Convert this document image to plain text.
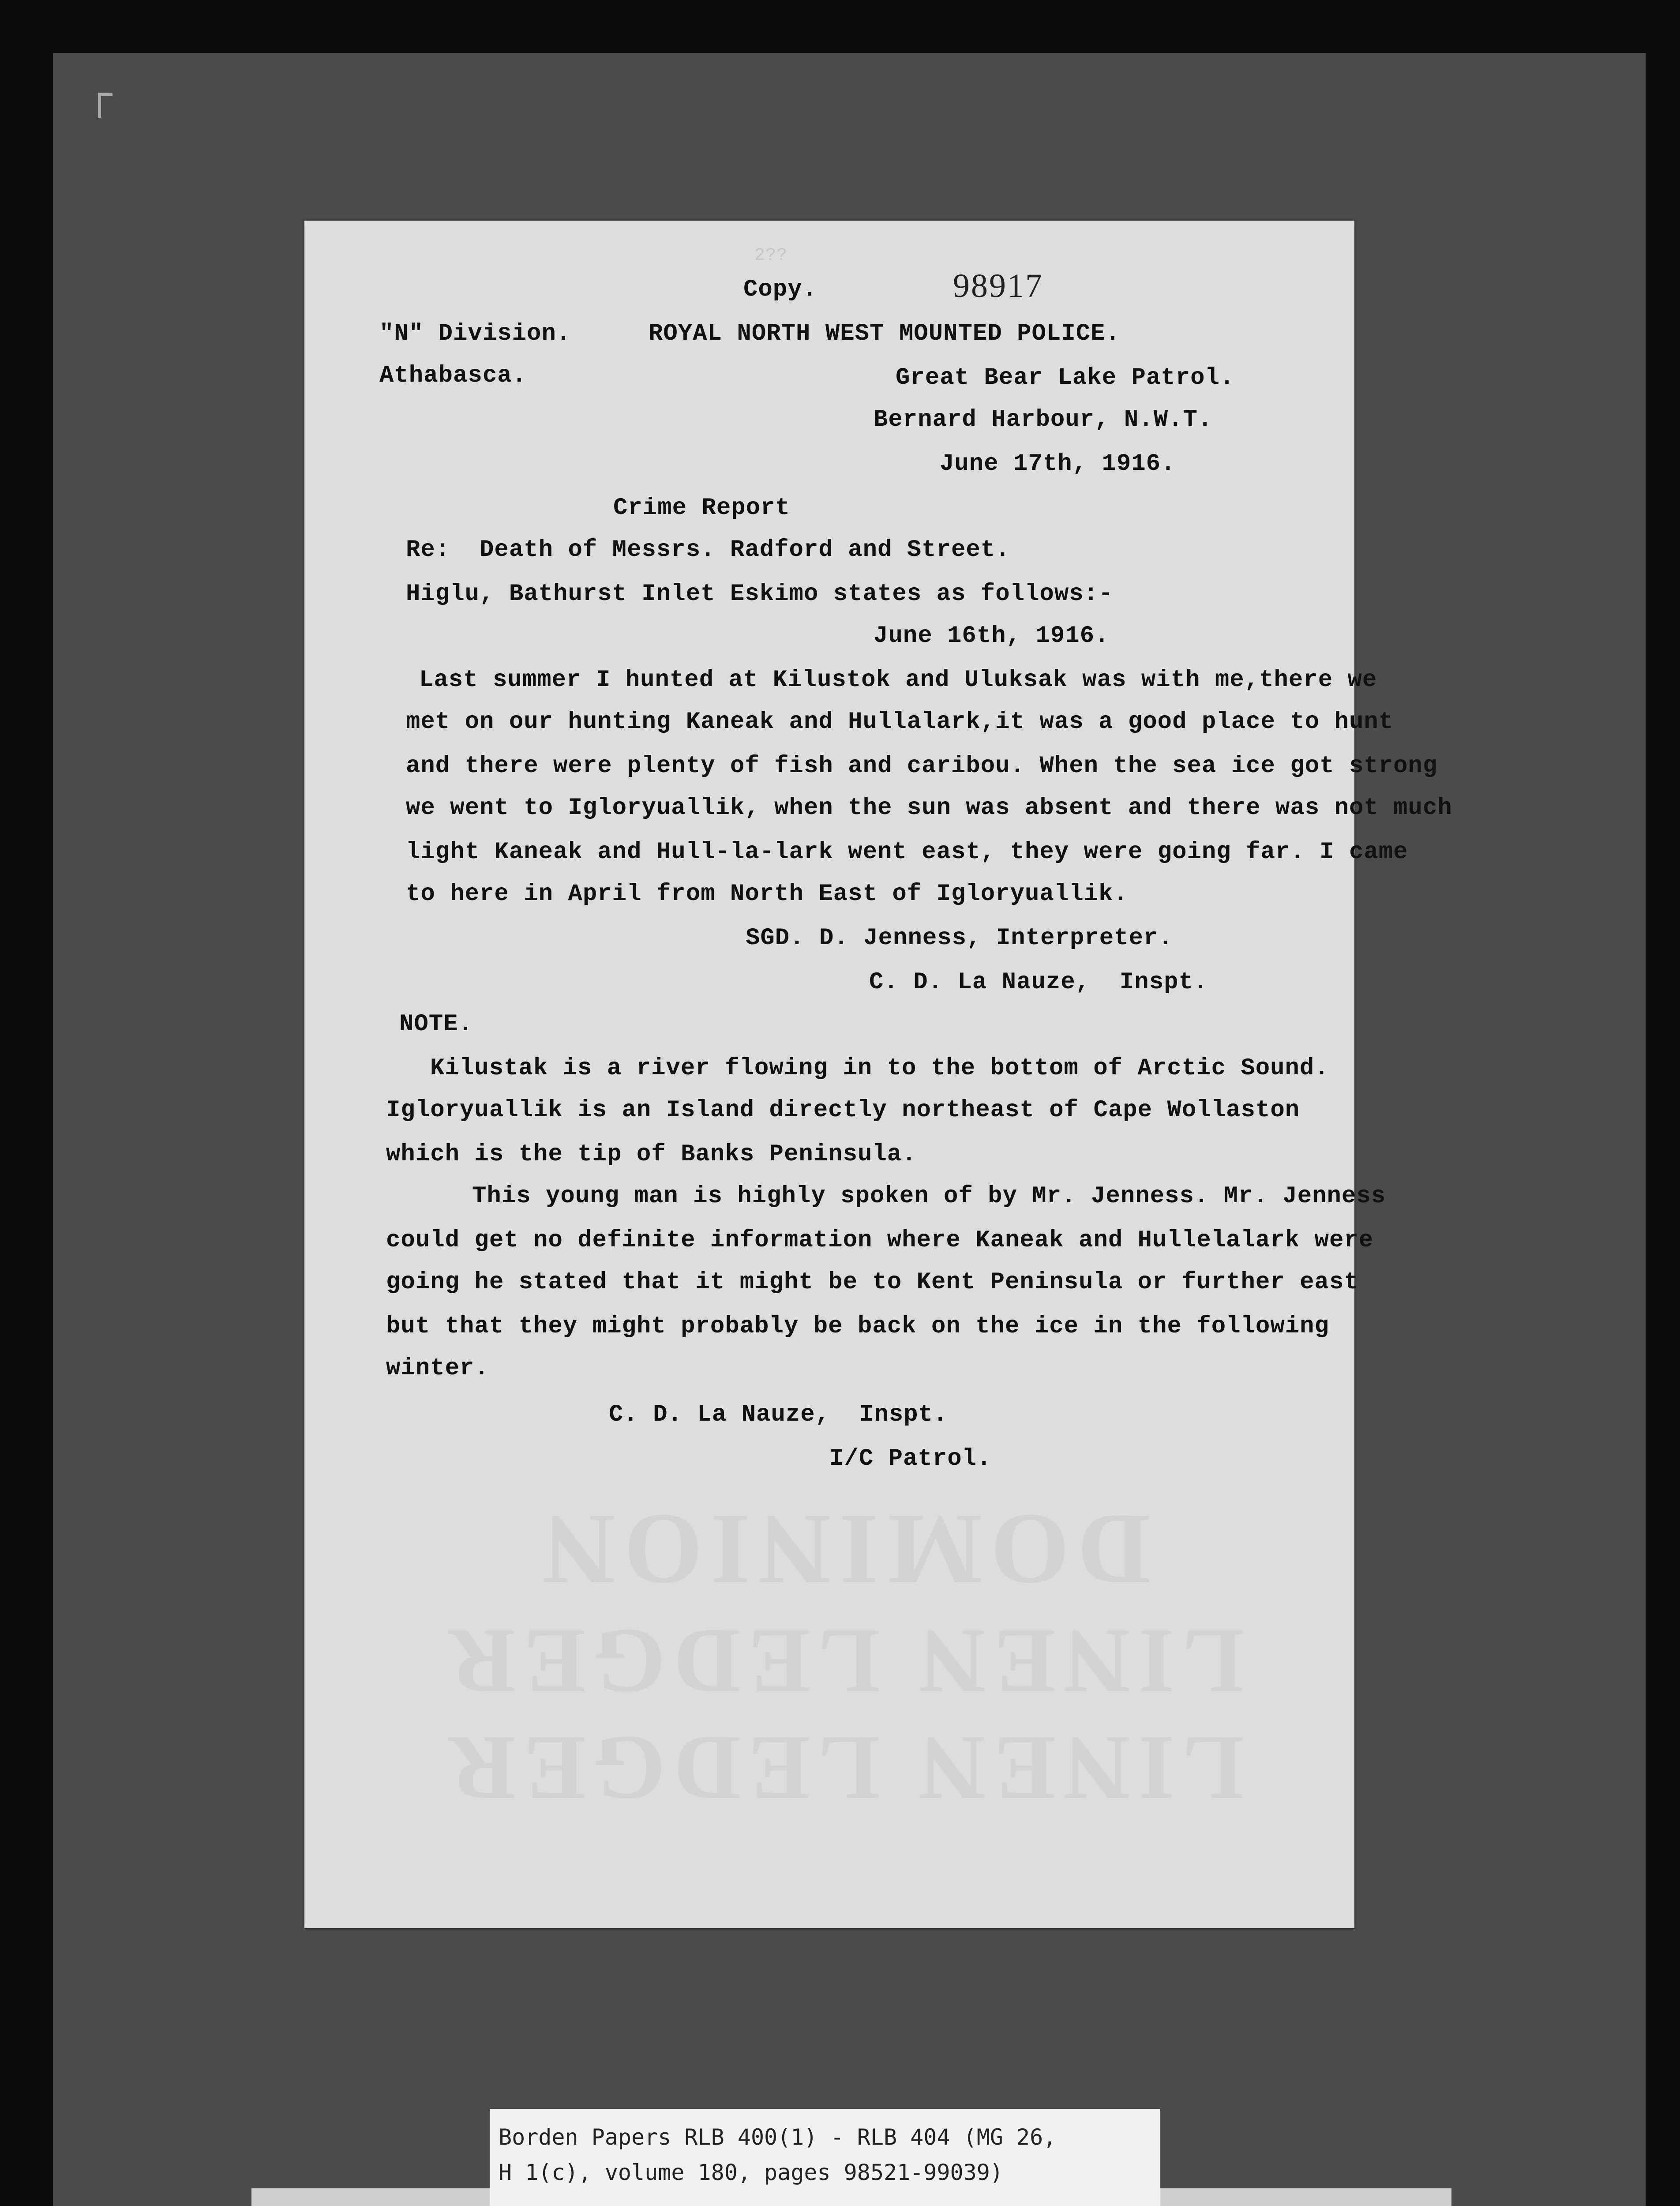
LINEN LEDGER
LINEN LEDGER
DOMINION
2??
Copy.	98917
"N" Division.	ROYAL NORTH WEST MOUNTED POLICE.
Athabasca.	Great Bear Lake Patrol.
Bernard Harbour, N.W.T.
June 17th, 1916.
Crime Report
Re:  Death of Messrs. Radford and Street.
Higlu, Bathurst Inlet Eskimo states as follows:-
June 16th, 1916.
Last summer I hunted at Kilustok and Uluksak was with me,there we
met on our hunting Kaneak and Hullalark,it was a good place to hunt
and there were plenty of fish and caribou. When the sea ice got strong
we went to Igloryuallik, when the sun was absent and there was not much
light Kaneak and Hull-la-lark went east, they were going far. I came
to here in April from North East of Igloryuallik.
SGD. D. Jenness, Interpreter.
C. D. La Nauze,  Inspt.
NOTE.
Kilustak is a river flowing in to the bottom of Arctic Sound.
Igloryuallik is an Island directly northeast of Cape Wollaston
which is the tip of Banks Peninsula.
This young man is highly spoken of by Mr. Jenness. Mr. Jenness
could get no definite information where Kaneak and Hullelalark were
going he stated that it might be to Kent Peninsula or further east
but that they might probably be back on the ice in the following
winter.
C. D. La Nauze,  Inspt.
I/C Patrol.
Borden Papers RLB 400(1) - RLB 404 (MG 26,
H 1(c), volume 180, pages 98521-99039)
